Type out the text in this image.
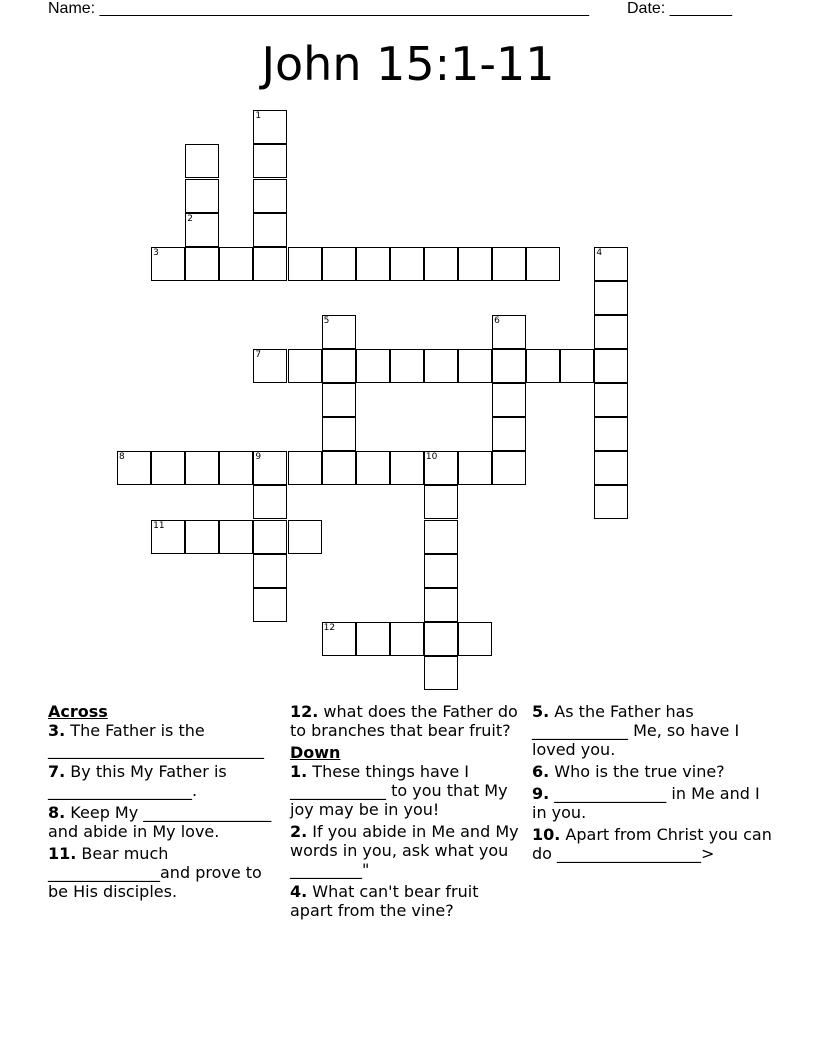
Name: _______________________________________________________ Date: _______
John 15:1-11
1
2
3	4
5	6
7
8	9	10
11
12
Across
3. The Father is the ___________________________
7. By this My Father is __________________.
8. Keep My ________________ and abide in My love.
11. Bear much ______________and prove to be His disciples.
12. what does the Father do to branches that bear fruit?
Down
1. These things have I ____________ to you that My joy may be in you!
2. If you abide in Me and My words in you, ask what you _________"
4. What can't bear fruit apart from the vine?
5. As the Father has ____________ Me, so have I loved you.
6. Who is the true vine?
9. ______________ in Me and I in you.
10. Apart from Christ you can do __________________>
